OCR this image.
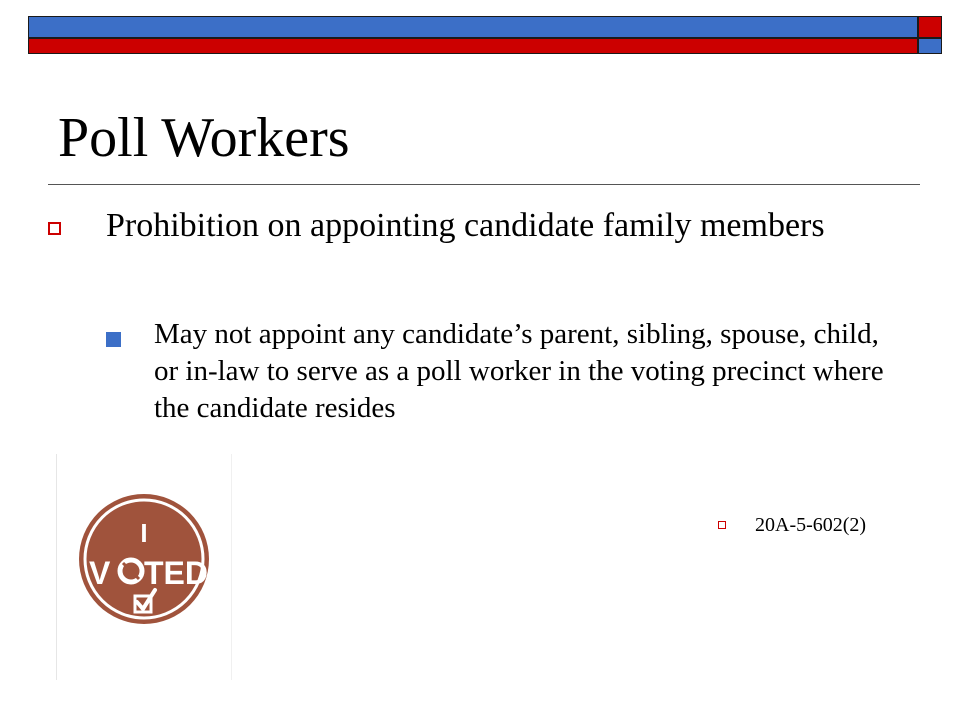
Poll Workers
Prohibition on appointing candidate family members
May not appoint any candidate’s parent, sibling, spouse, child, or in-law to serve as a poll worker in the voting precinct where the candidate resides
I
V TED
20A-5-602(2)
